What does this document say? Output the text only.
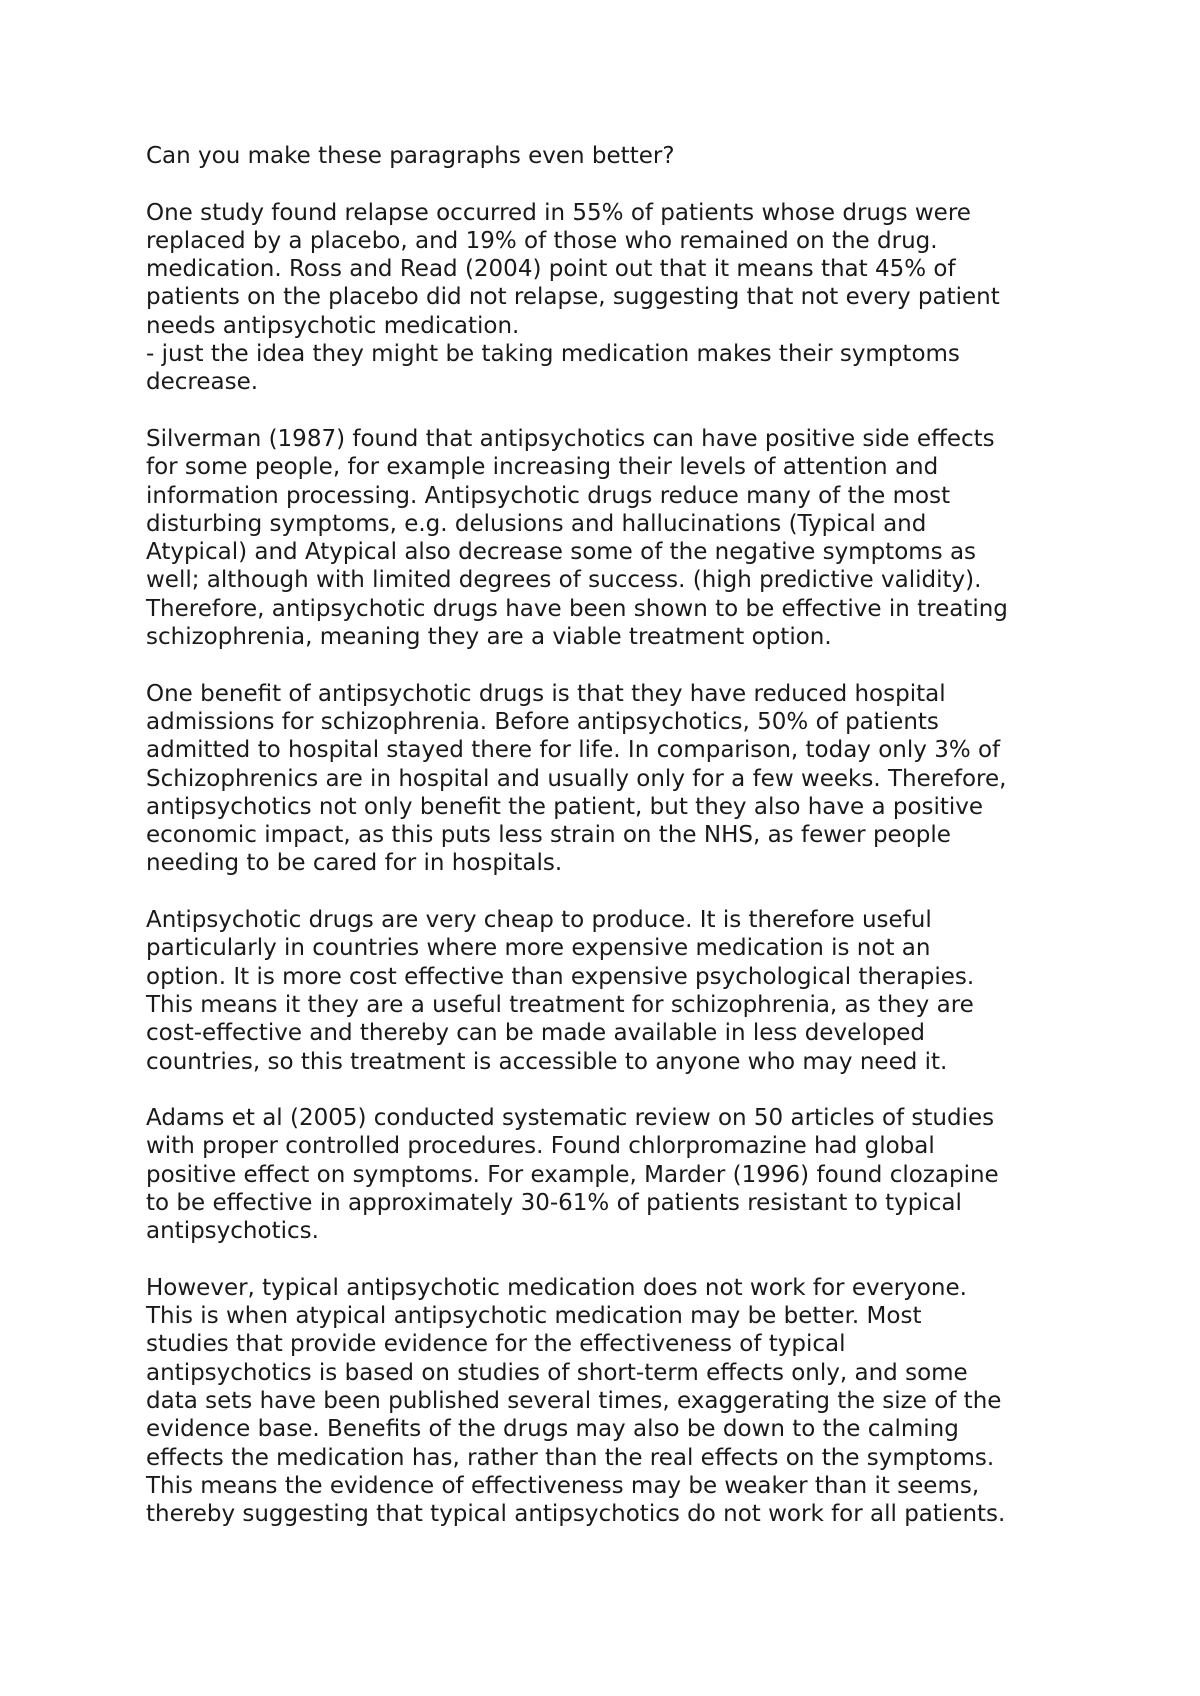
Can you make these paragraphs even better?
One study found relapse occurred in 55% of patients whose drugs were
replaced by a placebo, and 19% of those who remained on the drug.
medication. Ross and Read (2004) point out that it means that 45% of
patients on the placebo did not relapse, suggesting that not every patient
needs antipsychotic medication.
- just the idea they might be taking medication makes their symptoms
decrease.
Silverman (1987) found that antipsychotics can have positive side effects
for some people, for example increasing their levels of attention and
information processing. Antipsychotic drugs reduce many of the most
disturbing symptoms, e.g. delusions and hallucinations (Typical and
Atypical) and Atypical also decrease some of the negative symptoms as
well; although with limited degrees of success. (high predictive validity).
Therefore, antipsychotic drugs have been shown to be effective in treating
schizophrenia, meaning they are a viable treatment option.
One benefit of antipsychotic drugs is that they have reduced hospital
admissions for schizophrenia. Before antipsychotics, 50% of patients
admitted to hospital stayed there for life. In comparison, today only 3% of
Schizophrenics are in hospital and usually only for a few weeks. Therefore,
antipsychotics not only benefit the patient, but they also have a positive
economic impact, as this puts less strain on the NHS, as fewer people
needing to be cared for in hospitals.
Antipsychotic drugs are very cheap to produce. It is therefore useful
particularly in countries where more expensive medication is not an
option. It is more cost effective than expensive psychological therapies.
This means it they are a useful treatment for schizophrenia, as they are
cost-effective and thereby can be made available in less developed
countries, so this treatment is accessible to anyone who may need it.
Adams et al (2005) conducted systematic review on 50 articles of studies
with proper controlled procedures. Found chlorpromazine had global
positive effect on symptoms. For example, Marder (1996) found clozapine
to be effective in approximately 30-61% of patients resistant to typical
antipsychotics.
However, typical antipsychotic medication does not work for everyone.
This is when atypical antipsychotic medication may be better. Most
studies that provide evidence for the effectiveness of typical
antipsychotics is based on studies of short-term effects only, and some
data sets have been published several times, exaggerating the size of the
evidence base. Benefits of the drugs may also be down to the calming
effects the medication has, rather than the real effects on the symptoms.
This means the evidence of effectiveness may be weaker than it seems,
thereby suggesting that typical antipsychotics do not work for all patients.
